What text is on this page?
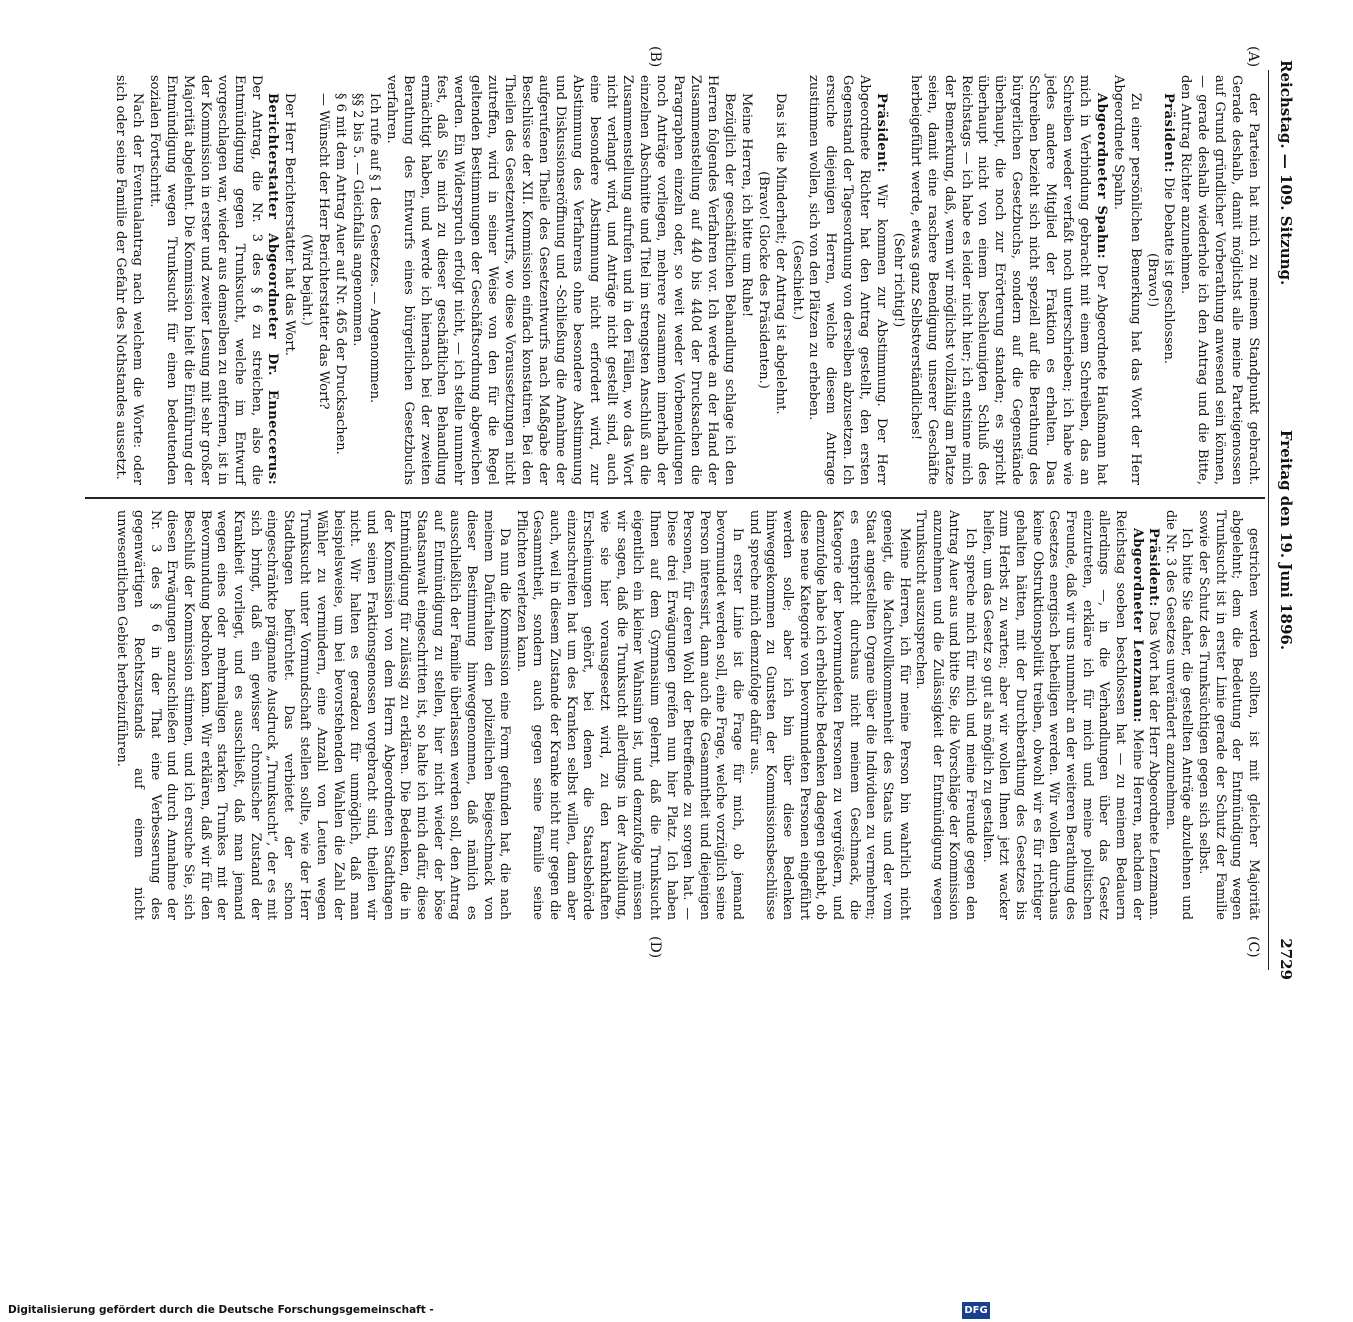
Reichstag. — 109. Sitzung.
Freitag den 19. Juni 1896.
2729
(A)
(B)
(C)
(D)

der Parteien hat mich zu meinem Standpunkt gebracht. Gerade deshalb, damit möglichst alle meine Parteigenossen auf Grund gründlicher Vorberathung anwesend sein können, — gerade deshalb wiederhole ich den Antrag und die Bitte, den Antrag Richter anzunehmen.

Präsident: Die Debatte ist geschlossen.

(Bravo!)

Zu einer persönlichen Bemerkung hat das Wort der Herr Abgeordnete Spahn.

Abgeordneter Spahn: Der Abgeordnete Haußmann hat mich in Verbindung gebracht mit einem Schreiben, das an Schreiben weder verfaßt noch unterschrieben; ich habe wie jedes andere Mitglied der Fraktion es erhalten. Das Schreiben bezieht sich nicht speziell auf die Berathung des bürgerlichen Gesetzbuchs, sondern auf die Gegenstände überhaupt, die noch zur Erörterung standen; es spricht überhaupt nicht von einem beschleunigten Schluß des Reichstags — ich habe es leider nicht hier; ich entsinne mich der Bemerkung, daß, wenn wir möglichst vollzählig am Platze seien, damit eine raschere Beendigung unserer Geschäfte herbeigeführt werde, etwas ganz Selbstverständliches!

(Sehr richtig!)

Präsident: Wir kommen zur Abstimmung. Der Herr Abgeordnete Richter hat den Antrag gestellt, den ersten Gegenstand der Tagesordnung von derselben abzusetzen. Ich ersuche diejenigen Herren, welche diesem Antrage zustimmen wollen, sich von den Plätzen zu erheben.

(Geschieht.)

Das ist die Minderheit; der Antrag ist abgelehnt.

(Bravo! Glocke des Präsidenten.)

Meine Herren, ich bitte um Ruhe!

Bezüglich der geschäftlichen Behandlung schlage ich den Herren folgendes Verfahren vor. Ich werde an der Hand der Zusammenstellung auf 440 bis 440d der Drucksachen die Paragraphen einzeln oder, so weit weder Vorbemeldungen noch Anträge vorliegen, mehrere zusammen innerhalb der einzelnen Abschnitte und Titel im strengsten Anschluß an die Zusammenstellung aufrufen und in den Fällen, wo das Wort nicht verlangt wird, und Anträge nicht gestellt sind, auch eine besondere Abstimmung nicht erfordert wird, zur Abstimmung des Verfahrens ohne besondere Abstimmung und Diskussionseröffnung und -Schließung die Annahme der aufgerufenen Theile des Gesetzentwurfs nach Maßgabe der Beschlüsse der XII. Kommission einfach konstatiren. Bei den Theilen des Gesetzentwurfs, wo diese Voraussetzungen nicht zutreffen, wird in seiner Weise von den für die Regel geltenden Bestimmungen der Geschäftsordnung abgewichen werden. Ein Widerspruch erfolgt nicht, — ich stelle nunmehr fest, daß Sie mich zu dieser geschäftlichen Behandlung ermächtigt haben, und werde ich hiernach bei der zweiten Berathung des Entwurfs eines bürgerlichen Gesetzbuchs verfahren.

Ich rufe auf § 1 des Gesetzes. — Angenommen.

§§ 2 bis 5. — Gleichfalls angenommen.

§ 6 mit dem Antrag Auer auf Nr. 465 der Drucksachen.

— Wünscht der Herr Berichterstatter das Wort?

(Wird bejaht.)

Der Herr Berichterstatter hat das Wort.

Berichterstatter Abgeordneter Dr. Enneccerus: Der Antrag, die Nr. 3 des § 6 zu streichen, also die Entmündigung gegen Trunksucht, welche im Entwurf vorgeschlagen war, wieder aus demselben zu entfernen, ist in der Kommission in erster und zweiter Lesung mit sehr großer Majorität abgelehnt. Die Kommission hielt die Einführung der Entmündigung wegen Trunksucht für einen bedeutenden sozialen Fortschritt.

Nach der Eventualantrag nach welchem die Worte: oder sich oder seine Familie der Gefahr des Nothstandes aussetzt.

gestrichen werden sollten, ist mit gleicher Majorität abgelehnt; dem die Bedeutung der Entmündigung wegen Trunksucht ist in erster Linie gerade der Schutz der Familie sowie der Schutz des Trunksüchtigen gegen sich selbst.

Ich bitte Sie daher, die gestellten Anträge abzulehnen und die Nr. 3 des Gesetzes unverändert anzunehmen.

Präsident: Das Wort hat der Herr Abgeordnete Lenzmann.

Abgeordneter Lenzmann: Meine Herren, nachdem der Reichstag soeben beschlossen hat — zu meinem Bedauern allerdings —, in die Verhandlungen über das Gesetz einzutreten, erkläre ich für mich und meine politischen Freunde, daß wir uns nunmehr an der weiteren Berathung des Gesetzes energisch betheiligen werden. Wir wollen durchaus keine Obstruktionspolitik treiben, obwohl wir es für richtiger gehalten hätten, mit der Durchberathung des Gesetzes bis zum Herbst zu warten; aber wir wollen Ihnen jetzt wacker helfen, um das Gesetz so gut als möglich zu gestalten.

Ich spreche mich für mich und meine Freunde gegen den Antrag Auer aus und bitte Sie, die Vorschläge der Kommission anzunehmen und die Zulässigkeit der Entmündigung wegen Trunksucht auszusprechen.

Meine Herren, ich für meine Person bin wahrlich nicht geneigt, die Machtvollkommenheit des Staats und der vom Staat angestellten Organe über die Individuen zu vermehren; es entspricht durchaus nicht meinem Geschmack, die Kategorie der bevormundeten Personen zu vergrößern, und demzufolge habe ich erhebliche Bedenken dagegen gehabt, ob diese neue Kategorie von bevormundeten Personen eingeführt werden solle; aber ich bin über diese Bedenken hinweggekommen zu Gunsten der Kommissionsbeschlüsse und spreche mich demzufolge dafür aus.

In erster Linie ist die Frage für mich, ob jemand bevormundet werden soll, eine Frage, welche vorzüglich seine Person interessirt, dann auch die Gesammtheit und diejenigen Personen, für deren Wohl der Betreffende zu sorgen hat. — Diese drei Erwägungen greifen nun hier Platz. Ich haben Ihnen auf dem Gymnasium gelernt, daß die Trunksucht eigentlich ein kleiner Wahnsinn ist, und demzufolge müssen wir sagen, daß die Trunksucht allerdings in der Ausbildung, wie sie hier vorausgesetzt wird, zu den krankhaften Erscheinungen gehört, bei denen die Staatsbehörde einzuschreiten hat um des Kranken selbst willen, dann aber auch, weil in diesem Zustande der Kranke nicht nur gegen die Gesammtheit, sondern auch gegen seine Familie seine Pflichten verletzen kann.

Da nun die Kommission eine Form gefunden hat, die nach meinem Dafürhalten den polizeilichen Beigeschmack von dieser Bestimmung hinweggenommen, daß nämlich es ausschließlich der Familie überlassen werden soll, den Antrag auf Entmündigung zu stellen, hier nicht wieder der böse Staatsanwalt eingeschritten ist, so halte ich mich dafür, diese Entmündigung für zulässig zu erklären. Die Bedenken, die in der Kommission von dem Herrn Abgeordneten Stadthagen und seinen Fraktionsgenossen vorgebracht sind, theilen wir nicht. Wir halten es geradezu für unmöglich, daß man beispielsweise, um bei bevorstehenden Wahlen die Zahl der Wähler zu vermindern, eine Anzahl von Leuten wegen Trunksucht unter Vormundschaft stellen sollte, wie der Herr Stadthagen befürchtet. Das verbietet der schon eingeschränkte prägnante Ausdruck „Trunksucht“, der es mit sich bringt, daß ein gewisser chronischer Zustand der Krankheit vorliegt, und es ausschließt, daß man jemand wegen eines oder mehrmaligen starken Trunkes mit der Bevormundung bedrohen kann. Wir erklären, daß wir für den Beschluß der Kommission stimmen, und ich ersuche Sie, sich diesen Erwägungen anzuschließen und durch Annahme der Nr. 3 des § 6 in der That eine Verbesserung des gegenwärtigen Rechtszustands auf einem nicht unwesentlichen Gebiet herbeizuführen.

Digitalisierung gefördert durch die Deutsche Forschungsgemeinschaft -	DFG
